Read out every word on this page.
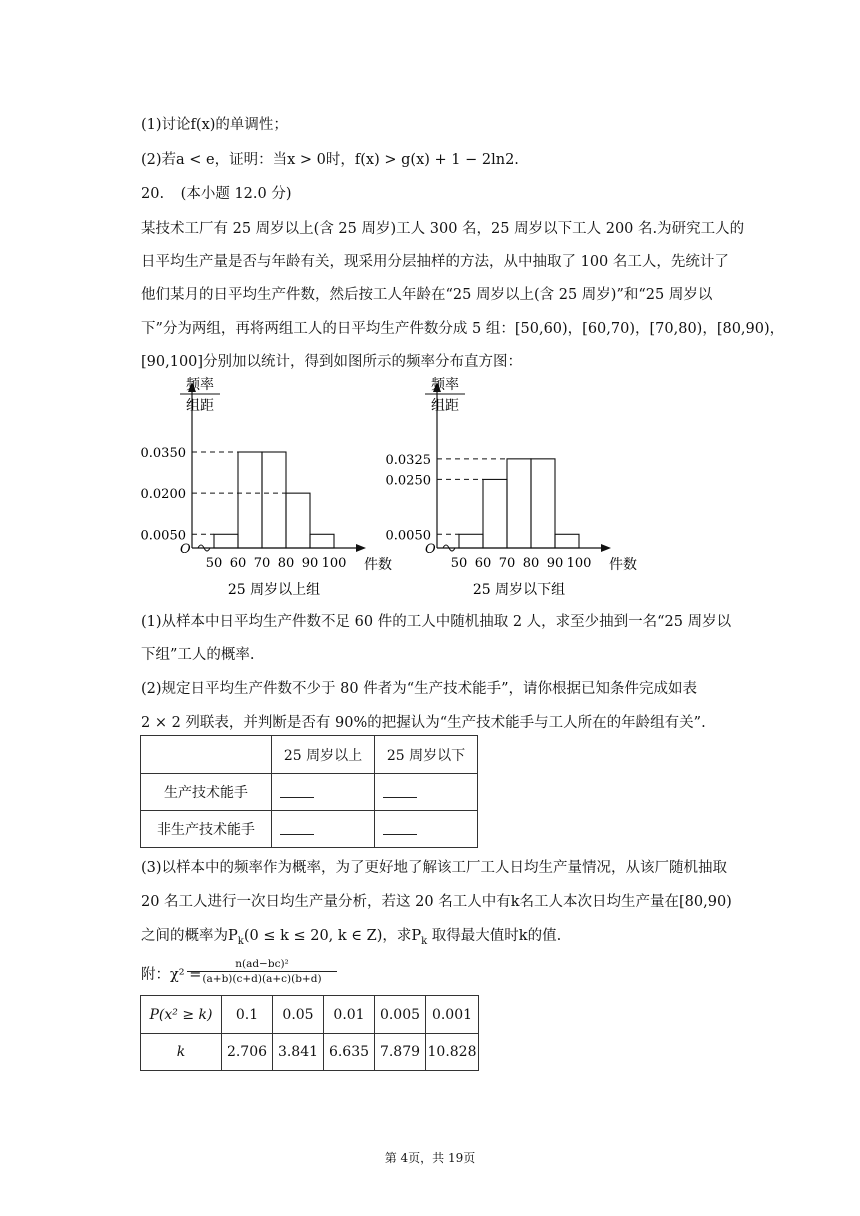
(1)讨论f(x)的单调性；
(2)若a < e，证明：当x > 0时，f(x) > g(x) + 1 − 2ln2.
20. (本小题 12.0 分)
某技术工厂有 25 周岁以上(含 25 周岁)工人 300 名，25 周岁以下工人 200 名.为研究工人的
日平均生产量是否与年龄有关，现采用分层抽样的方法，从中抽取了 100 名工人，先统计了
他们某月的日平均生产件数，然后按工人年龄在“25 周岁以上(含 25 周岁)”和“25 周岁以
下”分为两组，再将两组工人的日平均生产件数分成 5 组：[50,60)，[60,70)，[70,80)，[80,90)，
[90,100]分别加以统计，得到如图所示的频率分布直方图：
O
频率
组距
0.0050
0.0200
0.0350
50 60 70 80 90 100 件数
25 周岁以上组
O
频率
组距
0.0050
0.0250
0.0325
50 60 70 80 90 100 件数
25 周岁以下组
(1)从样本中日平均生产件数不足 60 件的工人中随机抽取 2 人，求至少抽到一名“25 周岁以
下组”工人的概率.
(2)规定日平均生产件数不少于 80 件者为“生产技术能手”，请你根据已知条件完成如表
2 × 2 列联表，并判断是否有 90%的把握认为“生产技术能手与工人所在的年龄组有关”.
	25 周岁以上	25 周岁以下
生产技术能手		
非生产技术能手		
(3)以样本中的频率作为概率，为了更好地了解该工厂工人日均生产量情况，从该厂随机抽取
20 名工人进行一次日均生产量分析，若这 20 名工人中有k名工人本次日均生产量在[80,90)
之间的概率为$P_k(0 \le k \le 20$, k ∈ Z)，求$P_k$ 取得最大值时k的值.
附：χ² =
$\frac{\text{n(ad−bc)²}}{(a+b)(c+d)(a+c)(b+d)}$
P(x² ≥ k)	0.1	0.05	0.01	0.005	0.001
k	2.706	3.841	6.635	7.879	10.828
第 4页，共 19页
